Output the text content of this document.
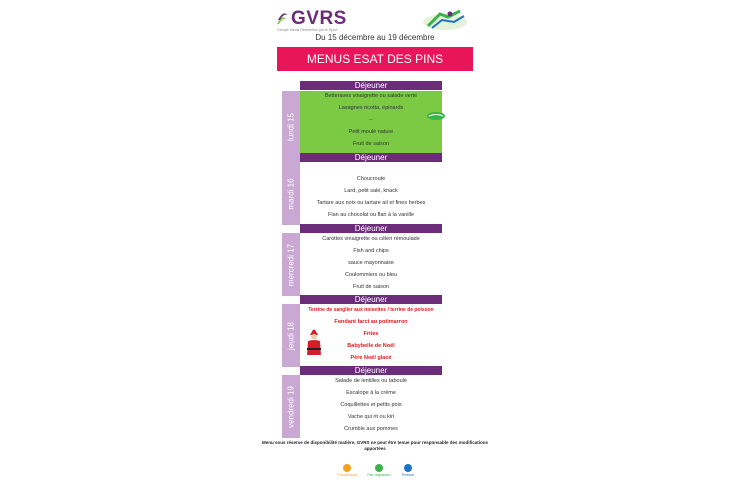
GVRS
Groupe Varois Réinsertion par le Sport
Du 15 décembre au 19 décembre
MENUS ESAT DES PINS
lundi 15
Déjeuner
Betteraves vinaigrette ou salade verte
Lasagnes ricotta, épinards
--
Petit moulé nature
Fruit de saison
mardi 16
Déjeuner
Choucroute
Lard, petit salé, knack
Tartare aux noix ou tartare ail et fines herbes
Flan au chocolat ou flan à la vanille
mercredi 17
Déjeuner
Carottes vinaigrette ou céleri rémoulade
Fish and chips
sauce mayonnaise
Coulommiers ou bleu
Fruit de saison
jeudi 18
Déjeuner
Terrine de sanglier aux noisettes / terrine de poisson
Fondant farci au potimarron
Frites
Babybelle de Noël
Père Noël glacé
vendredi 19
Déjeuner
Salade de lentilles ou taboulé
Escalope à la crème
Coquillettes et petits pois
Vache qui rit ou kiri
Crumble aux pommes
Menu sous réserve de disponibilité matière, GVRS ne peut être tenue pour responsable des modifications apportées
Produit local	Plat végétarien	Poisson
